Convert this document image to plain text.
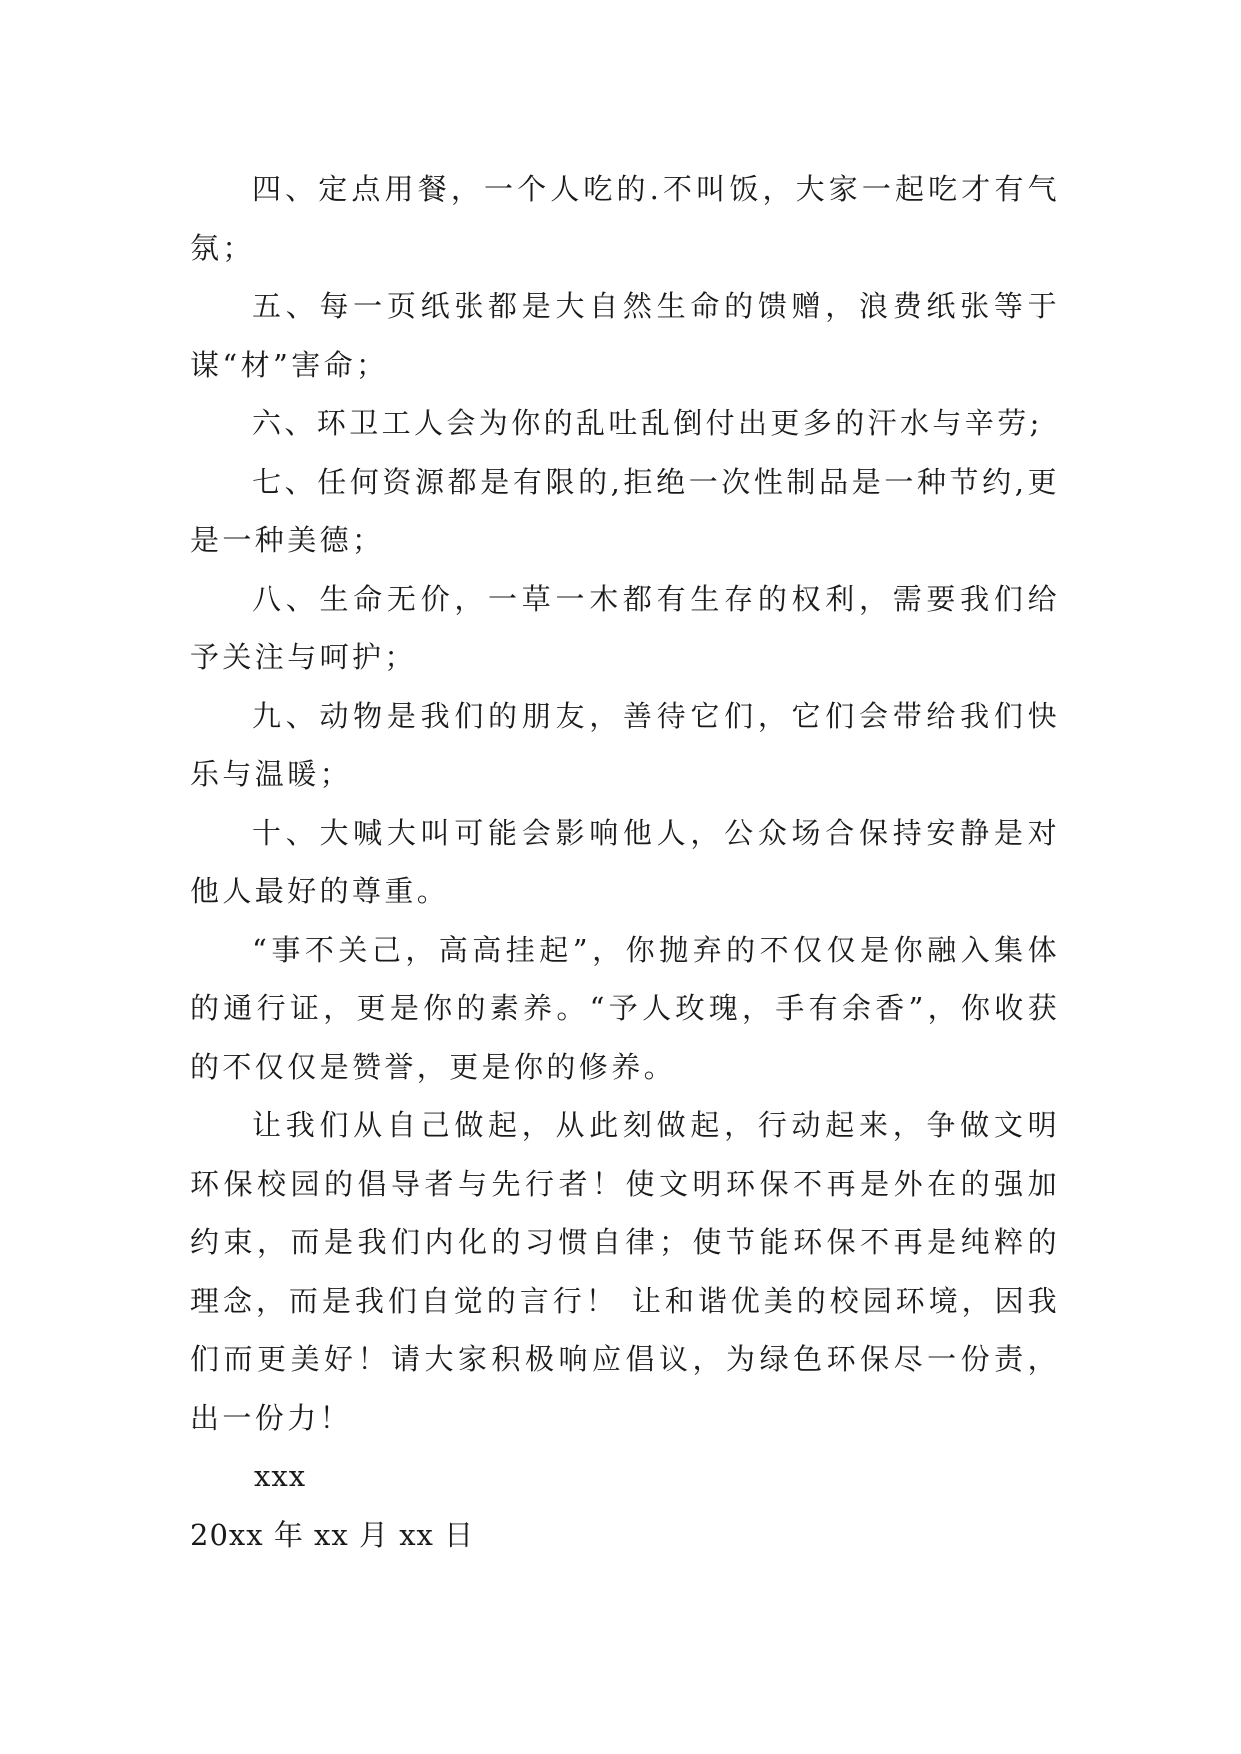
四、定点用餐，一个人吃的.不叫饭，大家一起吃才有气氛；

五、每一页纸张都是大自然生命的馈赠，浪费纸张等于谋“材”害命；

六、环卫工人会为你的乱吐乱倒付出更多的汗水与辛劳;

七、任何资源都是有限的,拒绝一次性制品是一种节约,更是一种美德；

八、生命无价，一草一木都有生存的权利，需要我们给予关注与呵护；

九、动物是我们的朋友，善待它们，它们会带给我们快乐与温暖；

十、大喊大叫可能会影响他人，公众场合保持安静是对他人最好的尊重。

“事不关己，高高挂起”，你抛弃的不仅仅是你融入集体的通行证，更是你的素养。“予人玫瑰，手有余香”，你收获的不仅仅是赞誉，更是你的修养。

让我们从自己做起，从此刻做起，行动起来，争做文明环保校园的倡导者与先行者！使文明环保不再是外在的强加约束，而是我们内化的习惯自律；使节能环保不再是纯粹的理念，而是我们自觉的言行！ 让和谐优美的校园环境，因我们而更美好！请大家积极响应倡议，为绿色环保尽一份责，出一份力！

xxx

20xx 年 xx 月 xx 日
